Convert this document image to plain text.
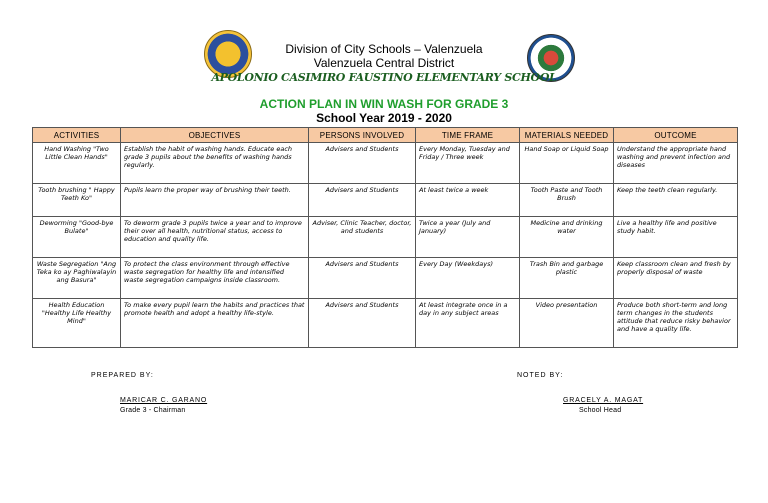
Division of City Schools – Valenzuela
Valenzuela Central District
APOLONIO CASIMIRO FAUSTINO ELEMENTARY SCHOOL
ACTION PLAN IN WIN WASH FOR GRADE 3
School Year 2019 - 2020
ACTIVITIES	OBJECTIVES	PERSONS INVOLVED	TIME FRAME	MATERIALS NEEDED	OUTCOME
Hand Washing "Two Little Clean Hands"	Establish the habit of washing hands. Educate each grade 3 pupils about the benefits of washing hands regularly.	Advisers and Students	Every Monday, Tuesday and Friday / Three week	Hand Soap or Liquid Soap	Understand the appropriate hand washing and prevent infection and diseases
Tooth brushing " Happy Teeth Ko"	Pupils learn the proper way of brushing their teeth.	Advisers and Students	At least twice a week	Tooth Paste and Tooth Brush	Keep the teeth clean regularly.
Deworming "Good-bye Bulate"	To deworm grade 3 pupils twice a year and to improve their over all health, nutritional status, access to education and quality life.	Adviser, Clinic Teacher, doctor, and students	Twice a year (July and January)	Medicine and drinking water	Live a healthy life and positive study habit.
Waste Segregation "Ang Teka ko ay Paghiwalayin ang Basura"	To protect the class environment through effective waste segregation for healthy life and intensified waste segregation campaigns inside classroom.	Advisers and Students	Every Day (Weekdays)	Trash Bin and garbage plastic	Keep classroom clean and fresh by properly disposal of waste
Health Education "Healthy Life Healthy Mind"	To make every pupil learn the habits and practices that promote health and adopt a healthy life-style.	Advisers and Students	At least integrate once in a day in any subject areas	Video presentation	Produce both short-term and long term changes in the students attitude that reduce risky behavior and have a quality life.
PREPARED BY:
MARICAR C. GARANO
Grade 3 - Chairman
NOTED BY:
GRACELY A. MAGAT
School Head
